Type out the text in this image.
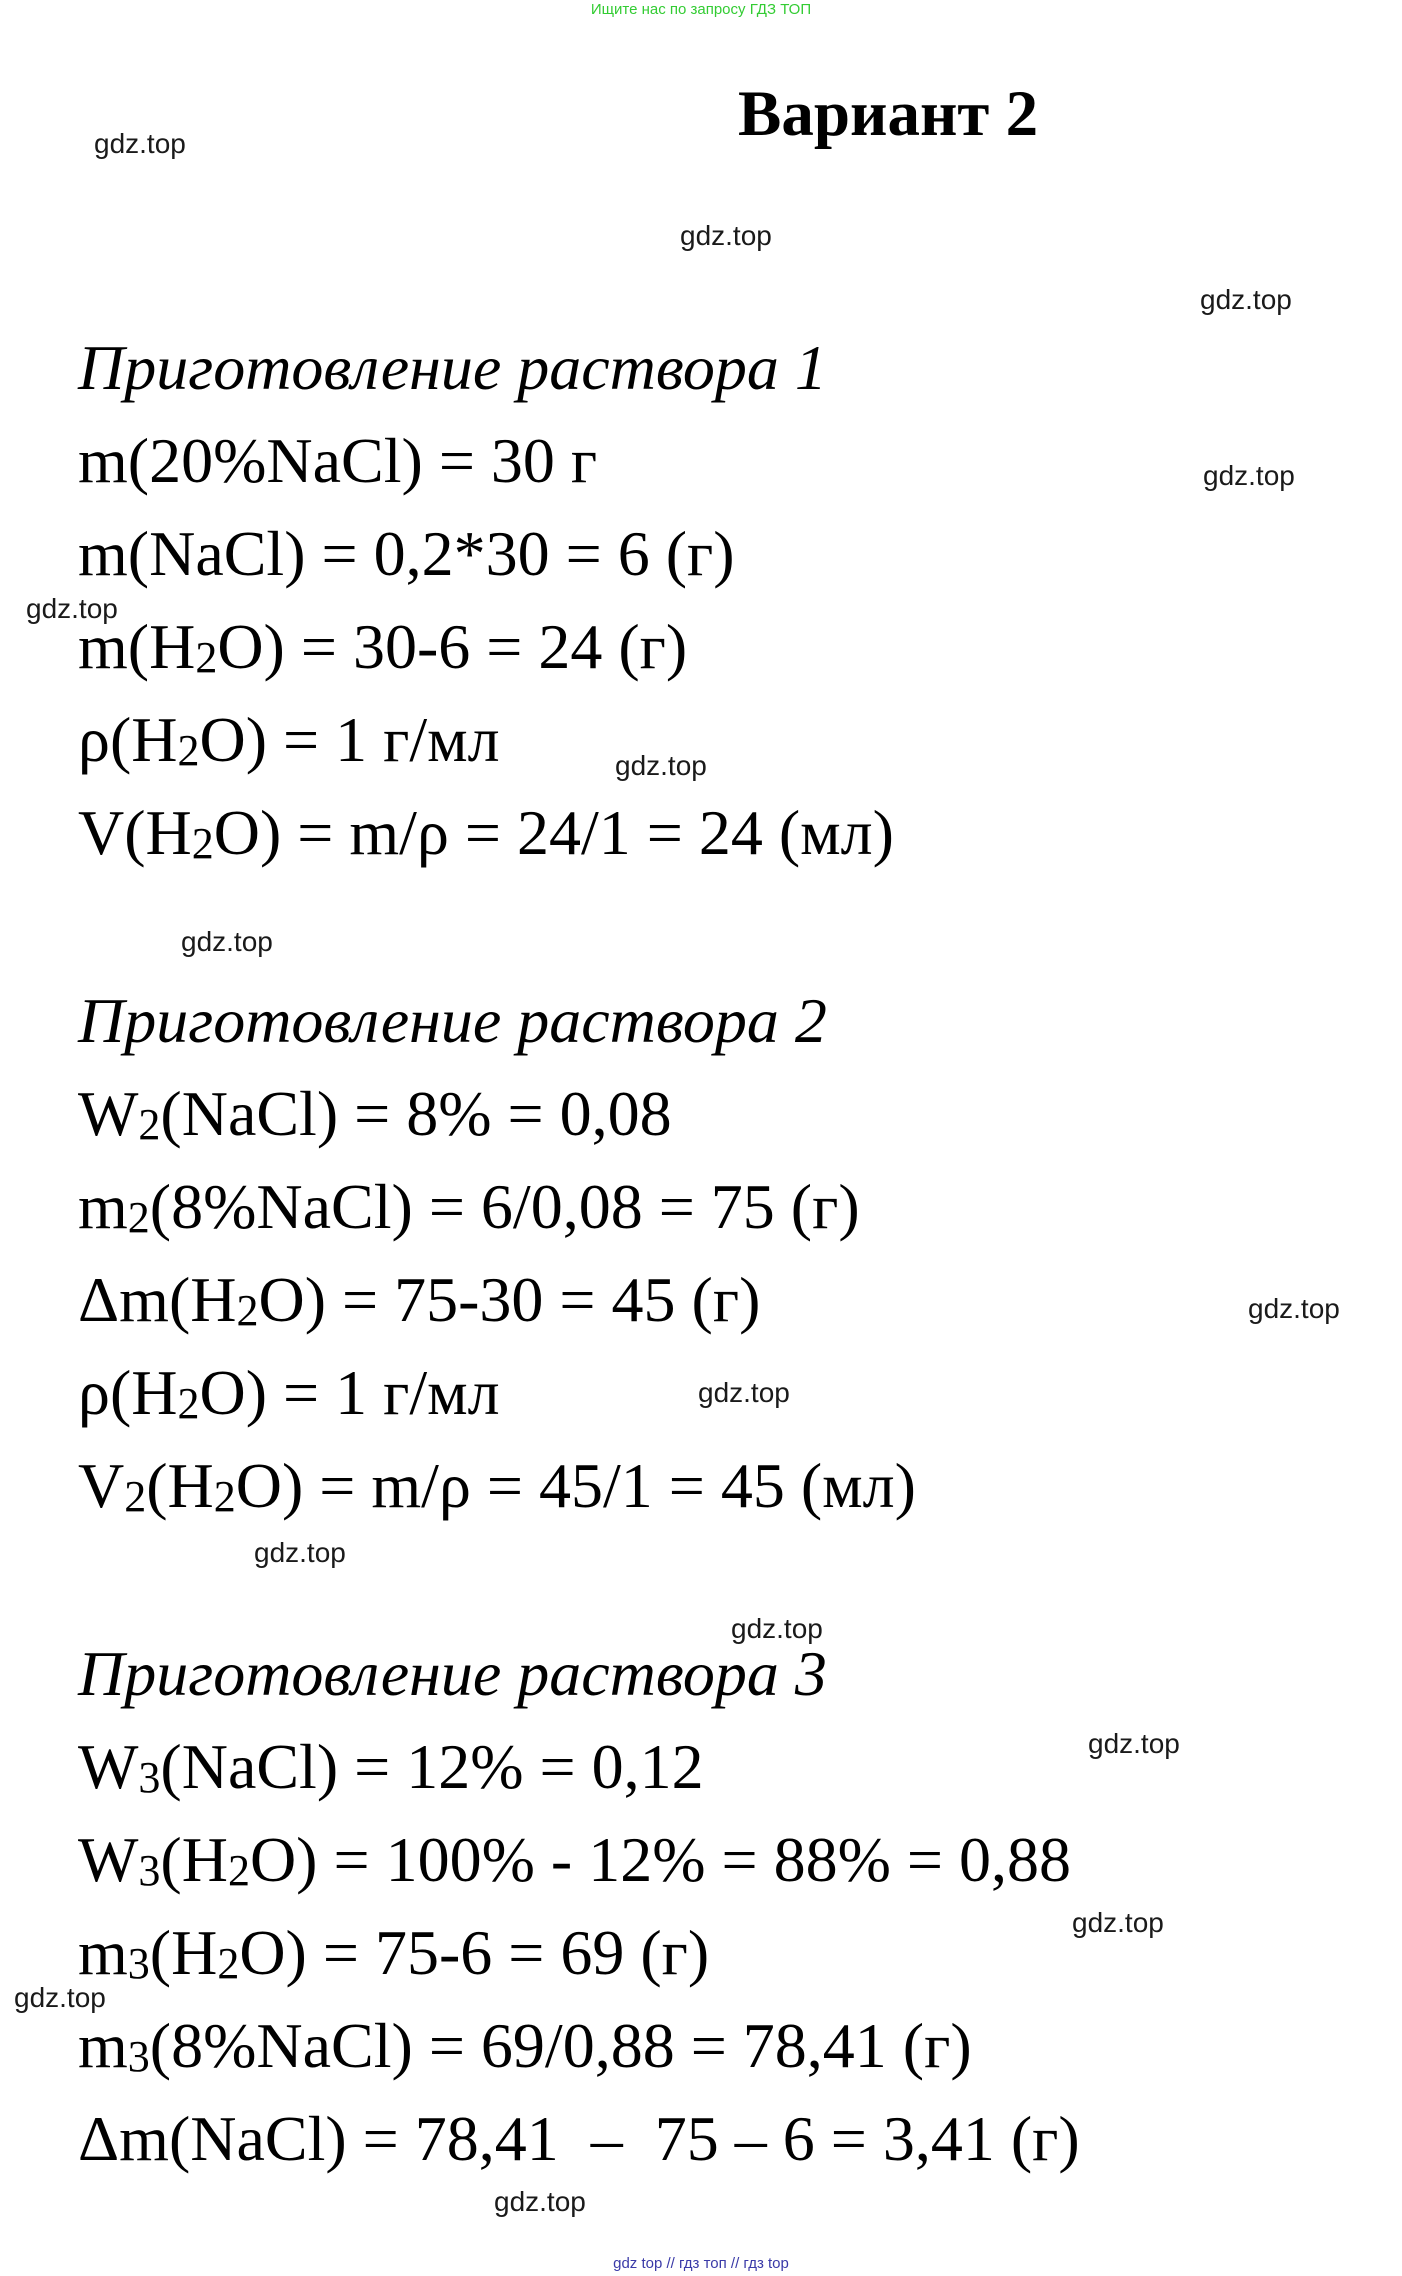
Ищите нас по запросу ГДЗ ТОП
Вариант 2
Приготовление раствора 1
m(20%NaCl) = 30 г
m(NaCl) = 0,2*30 = 6 (г)
$m(H_2O) = 30-6 = 24$ (г)
$\rho(H_2O) = 1$ г/мл
$V(H_2O) = m/\rho = 24/1 = 24$ (мл)
Приготовление раствора 2
$W_2(NaCl) = 8\% = 0,08$
$m_2(8\%NaCl) = 6/0,08 = 75$ (г)
$\Delta m(H_2O) = 75-30 = 45$ (г)
$\rho(H_2O) = 1$ г/мл
$V_2(H_2O) = m/\rho = 45/1 = 45$ (мл)
Приготовление раствора 3
$W_3(NaCl) = 12\% = 0,12$
$W_3(H_2O) = 100\% - 12\% = 88\% = 0,88$
$m_3(H_2O) = 75-6 = 69$ (г)
$m_3(8\%NaCl) = 69/0,88 = 78,41$ (г)
Δm(NaCl) = 78,41  –  75 – 6 = 3,41 (г)
gdz.top
gdz.top
gdz.top
gdz.top
gdz.top
gdz.top
gdz.top
gdz.top
gdz.top
gdz.top
gdz.top
gdz.top
gdz.top
gdz.top
gdz.top
gdz top // гдз топ // гдз top
